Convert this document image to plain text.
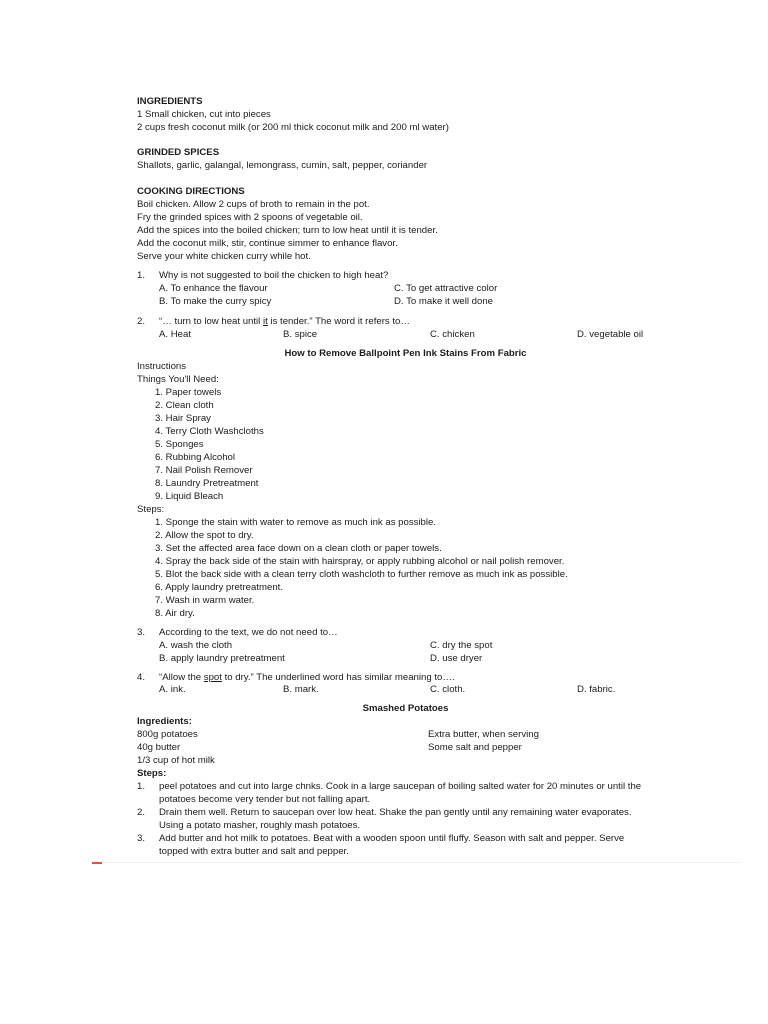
INGREDIENTS
1 Small chicken, cut into pieces
2 cups fresh coconut milk (or 200 ml thick coconut milk and 200 ml water)
GRINDED SPICES
Shallots, garlic, galangal, lemongrass, cumin, salt, pepper, coriander
COOKING DIRECTIONS
Boil chicken. Allow 2 cups of broth to remain in the pot.
Fry the grinded spices with 2 spoons of vegetable oil.
Add the spices into the boiled chicken; turn to low heat until it is tender.
Add the coconut milk, stir, continue simmer to enhance flavor.
Serve your white chicken curry while hot.
1. Why is not suggested to boil the chicken to high heat?
A. To enhance the flavour	C. To get attractive color
B. To make the curry spicy	D. To make it well done
2. “… turn to low heat until it is tender.” The word it refers to…
A. Heat	B. spice	C. chicken	D. vegetable oil
How to Remove Ballpoint Pen Ink Stains From Fabric
Instructions
Things You'll Need:
1. Paper towels
2. Clean cloth
3. Hair Spray
4. Terry Cloth Washcloths
5. Sponges
6. Rubbing Alcohol
7. Nail Polish Remover
8. Laundry Pretreatment
9. Liquid Bleach
Steps:
1. Sponge the stain with water to remove as much ink as possible.
2. Allow the spot to dry.
3. Set the affected area face down on a clean cloth or paper towels.
4. Spray the back side of the stain with hairspray, or apply rubbing alcohol or nail polish remover.
5. Blot the back side with a clean terry cloth washcloth to further remove as much ink as possible.
6. Apply laundry pretreatment.
7. Wash in warm water.
8. Air dry.
3. According to the text, we do not need to…
A. wash the cloth	C. dry the spot
B. apply laundry pretreatment	D. use dryer
4. “Allow the spot to dry.” The underlined word has similar meaning to….
A. ink.	B. mark.	C. cloth.	D. fabric.
Smashed Potatoes
Ingredients:
800g potatoes	Extra butter, when serving
40g butter	Some salt and pepper
1/3 cup of hot milk
Steps:
1. peel potatoes and cut into large chnks. Cook in a large saucepan of boiling salted water for 20 minutes or until the
potatoes become very tender but not falling apart.
2. Drain them well. Return to saucepan over low heat. Shake the pan gently until any remaining water evaporates.
Using a potato masher, roughly mash potatoes.
3. Add butter and hot milk to potatoes. Beat with a wooden spoon until fluffy. Season with salt and pepper. Serve
topped with extra butter and salt and pepper.
